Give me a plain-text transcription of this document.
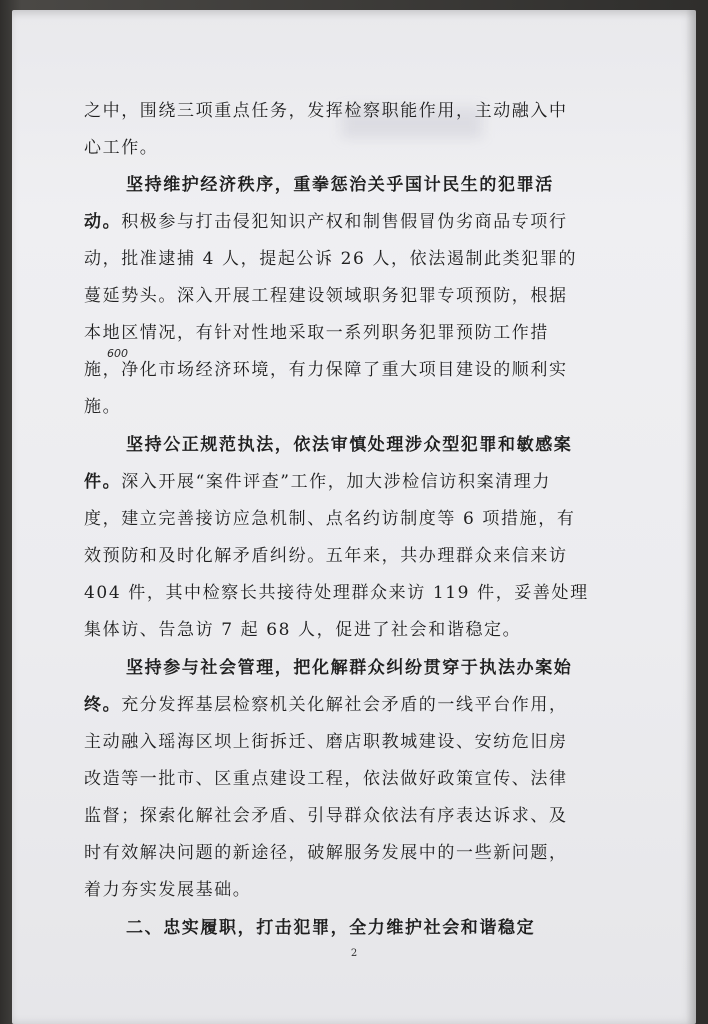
之中，围绕三项重点任务，发挥检察职能作用，主动融入中
心工作。
坚持维护经济秩序，重拳惩治关乎国计民生的犯罪活
动。积极参与打击侵犯知识产权和制售假冒伪劣商品专项行
动，批准逮捕 4 人，提起公诉 26 人，依法遏制此类犯罪的
蔓延势头。深入开展工程建设领域职务犯罪专项预防，根据
本地区情况，有针对性地采取一系列职务犯罪预防工作措
施，净化市场经济环境，有力保障了重大项目建设的顺利实
施。
坚持公正规范执法，依法审慎处理涉众型犯罪和敏感案
件。深入开展“案件评查”工作，加大涉检信访积案清理力
度，建立完善接访应急机制、点名约访制度等 6 项措施，有
效预防和及时化解矛盾纠纷。五年来，共办理群众来信来访
404 件，其中检察长共接待处理群众来访 119 件，妥善处理
集体访、告急访 7 起 68 人，促进了社会和谐稳定。
坚持参与社会管理，把化解群众纠纷贯穿于执法办案始
终。充分发挥基层检察机关化解社会矛盾的一线平台作用，
主动融入瑶海区坝上街拆迁、磨店职教城建设、安纺危旧房
改造等一批市、区重点建设工程，依法做好政策宣传、法律
监督；探索化解社会矛盾、引导群众依法有序表达诉求、及
时有效解决问题的新途径，破解服务发展中的一些新问题，
着力夯实发展基础。
二、忠实履职，打击犯罪，全力维护社会和谐稳定
600
2
